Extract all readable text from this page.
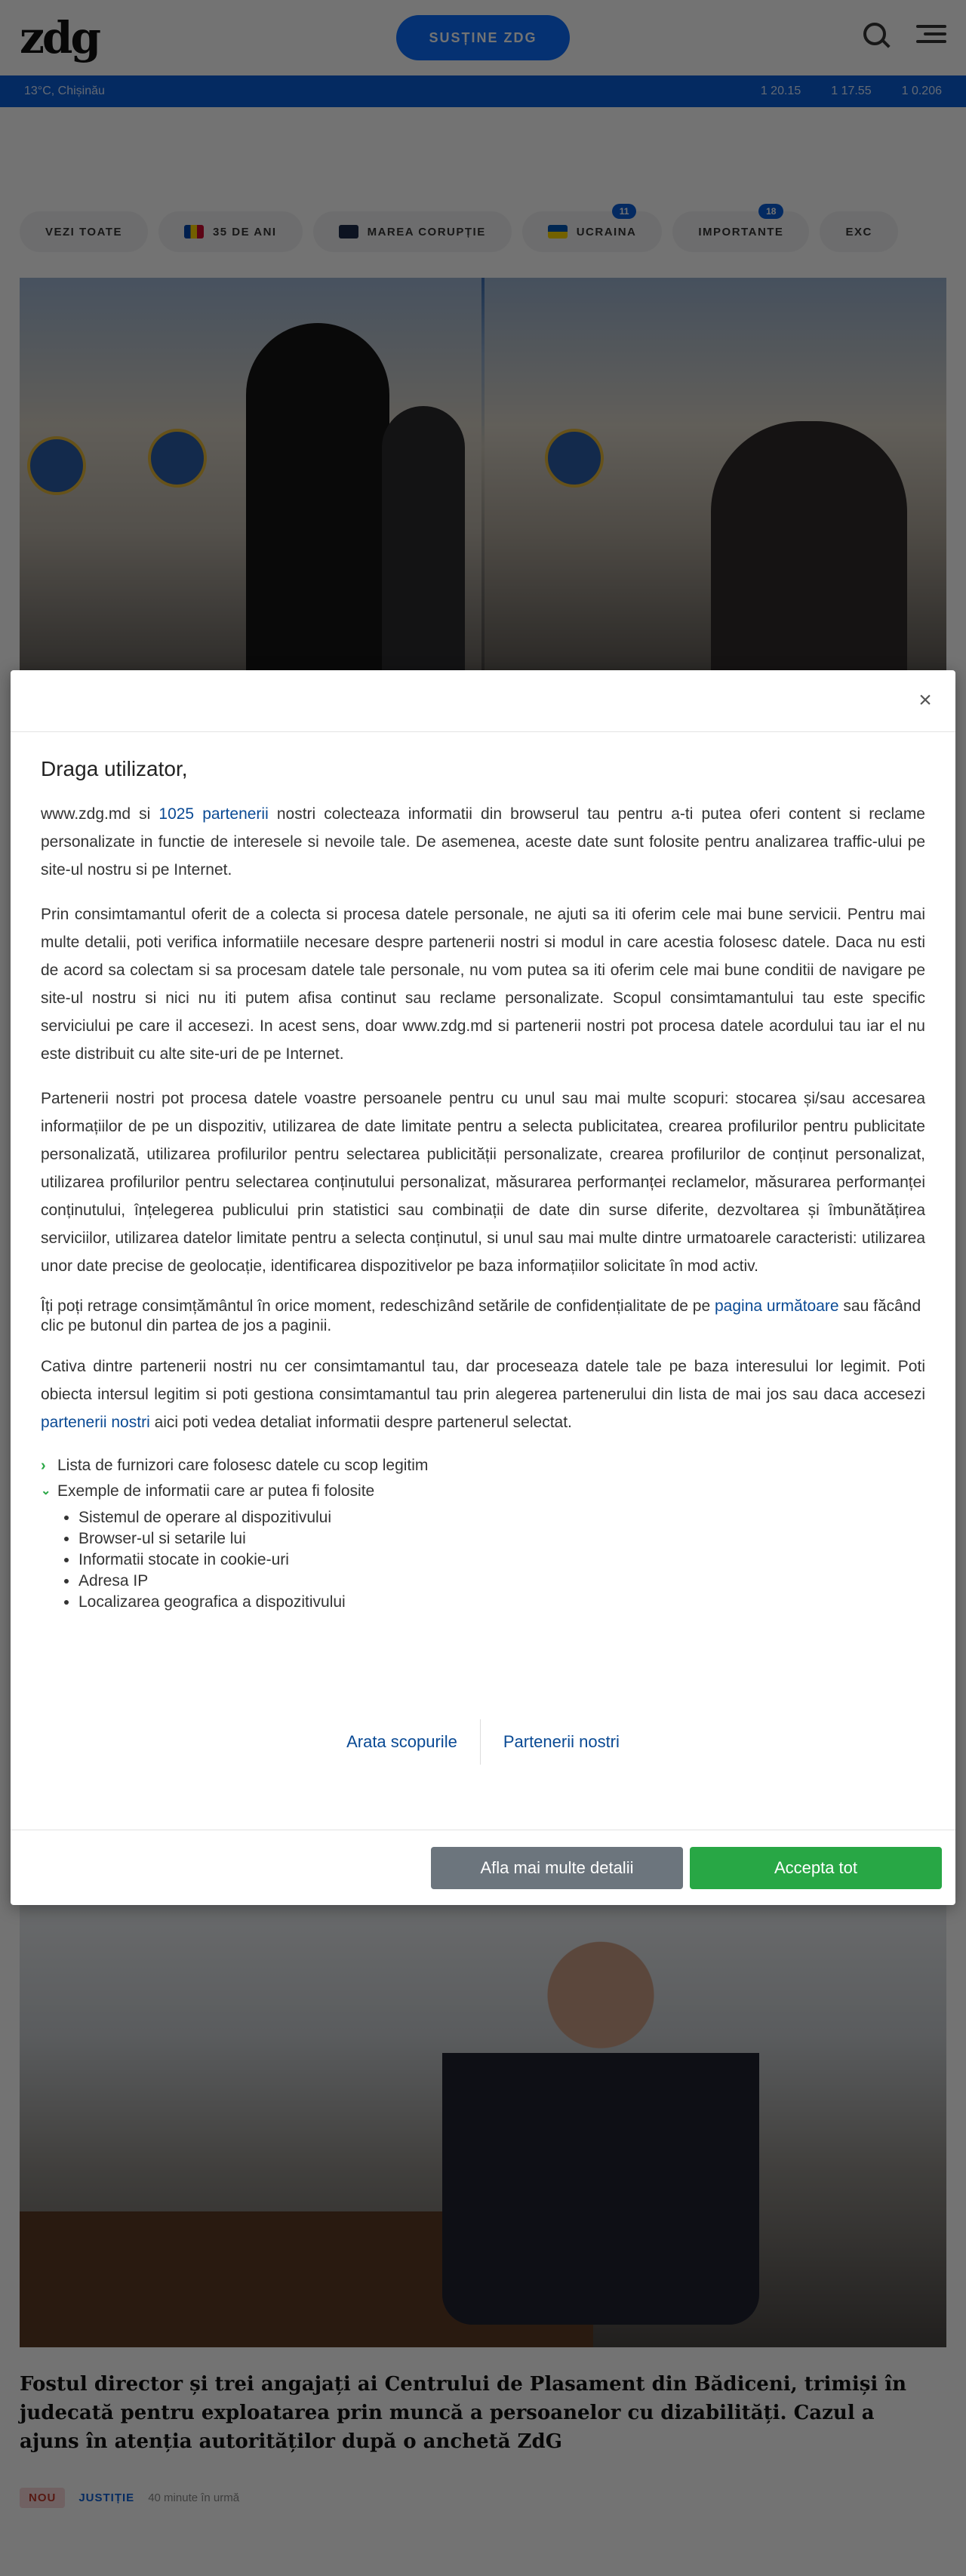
×
Draga utilizator,

www.zdg.md si 1025 partenerii nostri colecteaza informatii din browserul tau pentru a-ti putea oferi content si reclame personalizate in functie de interesele si nevoile tale. De asemenea, aceste date sunt folosite pentru analizarea traffic-ului pe site-ul nostru si pe Internet.

Prin consimtamantul oferit de a colecta si procesa datele personale, ne ajuti sa iti oferim cele mai bune servicii. Pentru mai multe detalii, poti verifica informatiile necesare despre partenerii nostri si modul in care acestia folosesc datele. Daca nu esti de acord sa colectam si sa procesam datele tale personale, nu vom putea sa iti oferim cele mai bune conditii de navigare pe site-ul nostru si nici nu iti putem afisa continut sau reclame personalizate. Scopul consimtamantului tau este specific serviciului pe care il accesezi. In acest sens, doar www.zdg.md si partenerii nostri pot procesa datele acordului tau iar el nu este distribuit cu alte site-uri de pe Internet.

Partenerii nostri pot procesa datele voastre persoanele pentru cu unul sau mai multe scopuri: stocarea și/sau accesarea informațiilor de pe un dispozitiv, utilizarea de date limitate pentru a selecta publicitatea, crearea profilurilor pentru publicitate personalizată, utilizarea profilurilor pentru selectarea publicității personalizate, crearea profilurilor de conținut personalizat, utilizarea profilurilor pentru selectarea conținutului personalizat, măsurarea performanței reclamelor, măsurarea performanței conținutului, înțelegerea publicului prin statistici sau combinații de date din surse diferite, dezvoltarea și îmbunătățirea serviciilor, utilizarea datelor limitate pentru a selecta conținutul, si unul sau mai multe dintre urmatoarele caracteristi: utilizarea unor date precise de geolocație, identificarea dispozitivelor pe baza informațiilor solicitate în mod activ.

Îți poți retrage consimțământul în orice moment, redeschizând setările de confidențialitate de pe pagina următoare sau făcând clic pe butonul din partea de jos a paginii.

Cativa dintre partenerii nostri nu cer consimtamantul tau, dar proceseaza datele tale pe baza interesului lor legimit. Poti obiecta intersul legitim si poti gestiona consimtamantul tau prin alegerea partenerului din lista de mai jos sau daca accesezi partenerii nostri aici poti vedea detaliat informatii despre partenerul selectat.

› Lista de furnizori care folosesc datele cu scop legitim
⌄ Exemple de informatii care ar putea fi folosite
• Sistemul de operare al dispozitivului
• Browser-ul si setarile lui
• Informatii stocate in cookie-uri
• Adresa IP
• Localizarea geografica a dispozitivului
Arata scopurile	Partenerii nostri
Afla mai multe detalii	Accepta tot
